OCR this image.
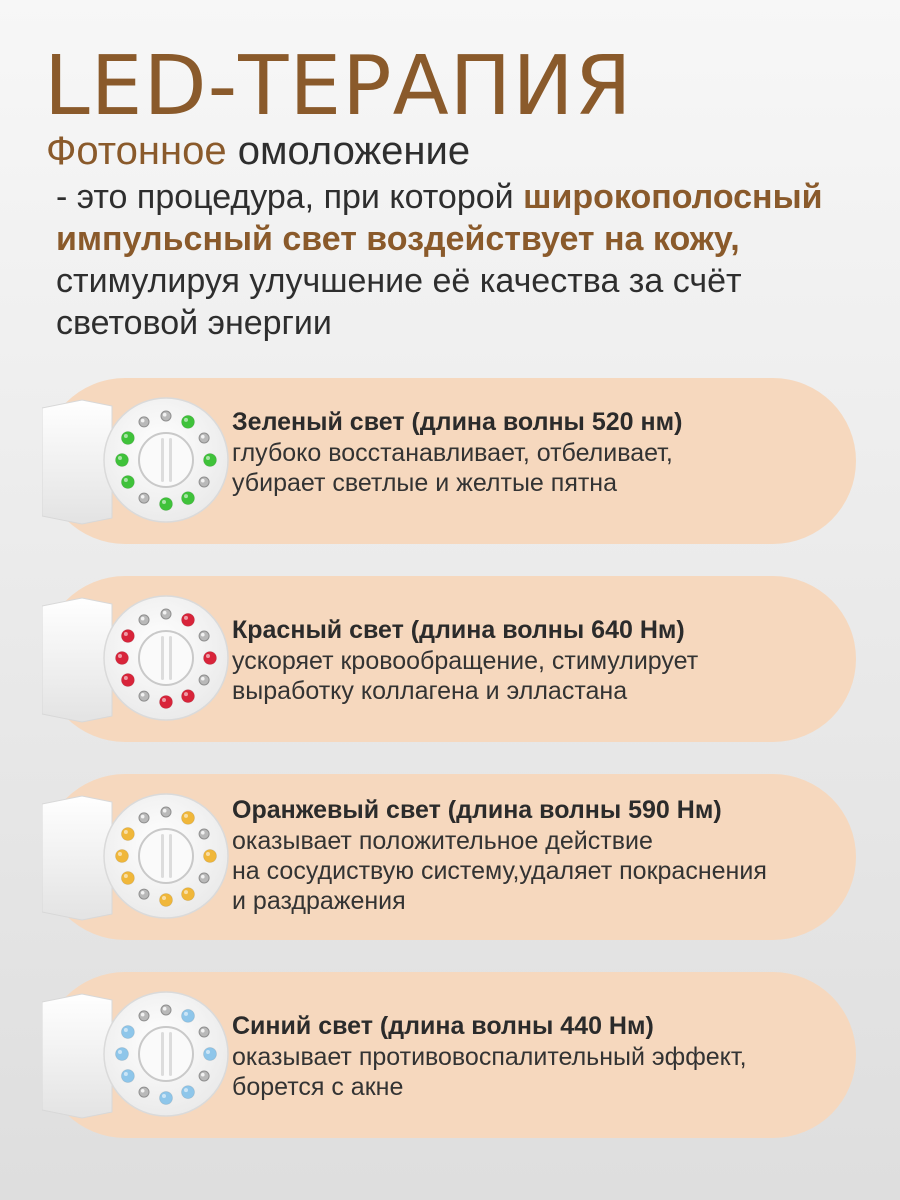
LED-ТЕРАПИЯ

Фотонное омоложение

- это процедура, при которой широкополосный
импульсный свет воздействует на кожу,
стимулируя улучшение её качества за счёт
световой энергии
Зеленый свет (длина волны 520 нм)
глубоко восстанавливает, отбеливает,
убирает светлые и желтые пятна
Красный свет (длина волны 640 Нм)
ускоряет кровообращение, стимулирует
выработку коллагена и элластана
Оранжевый свет (длина волны 590 Нм)
оказывает положительное действие
на сосудиствую систему,удаляет покраснения
и раздражения
Синий свет (длина волны 440 Нм)
оказывает противовоспалительный эффект,
борется с акне
